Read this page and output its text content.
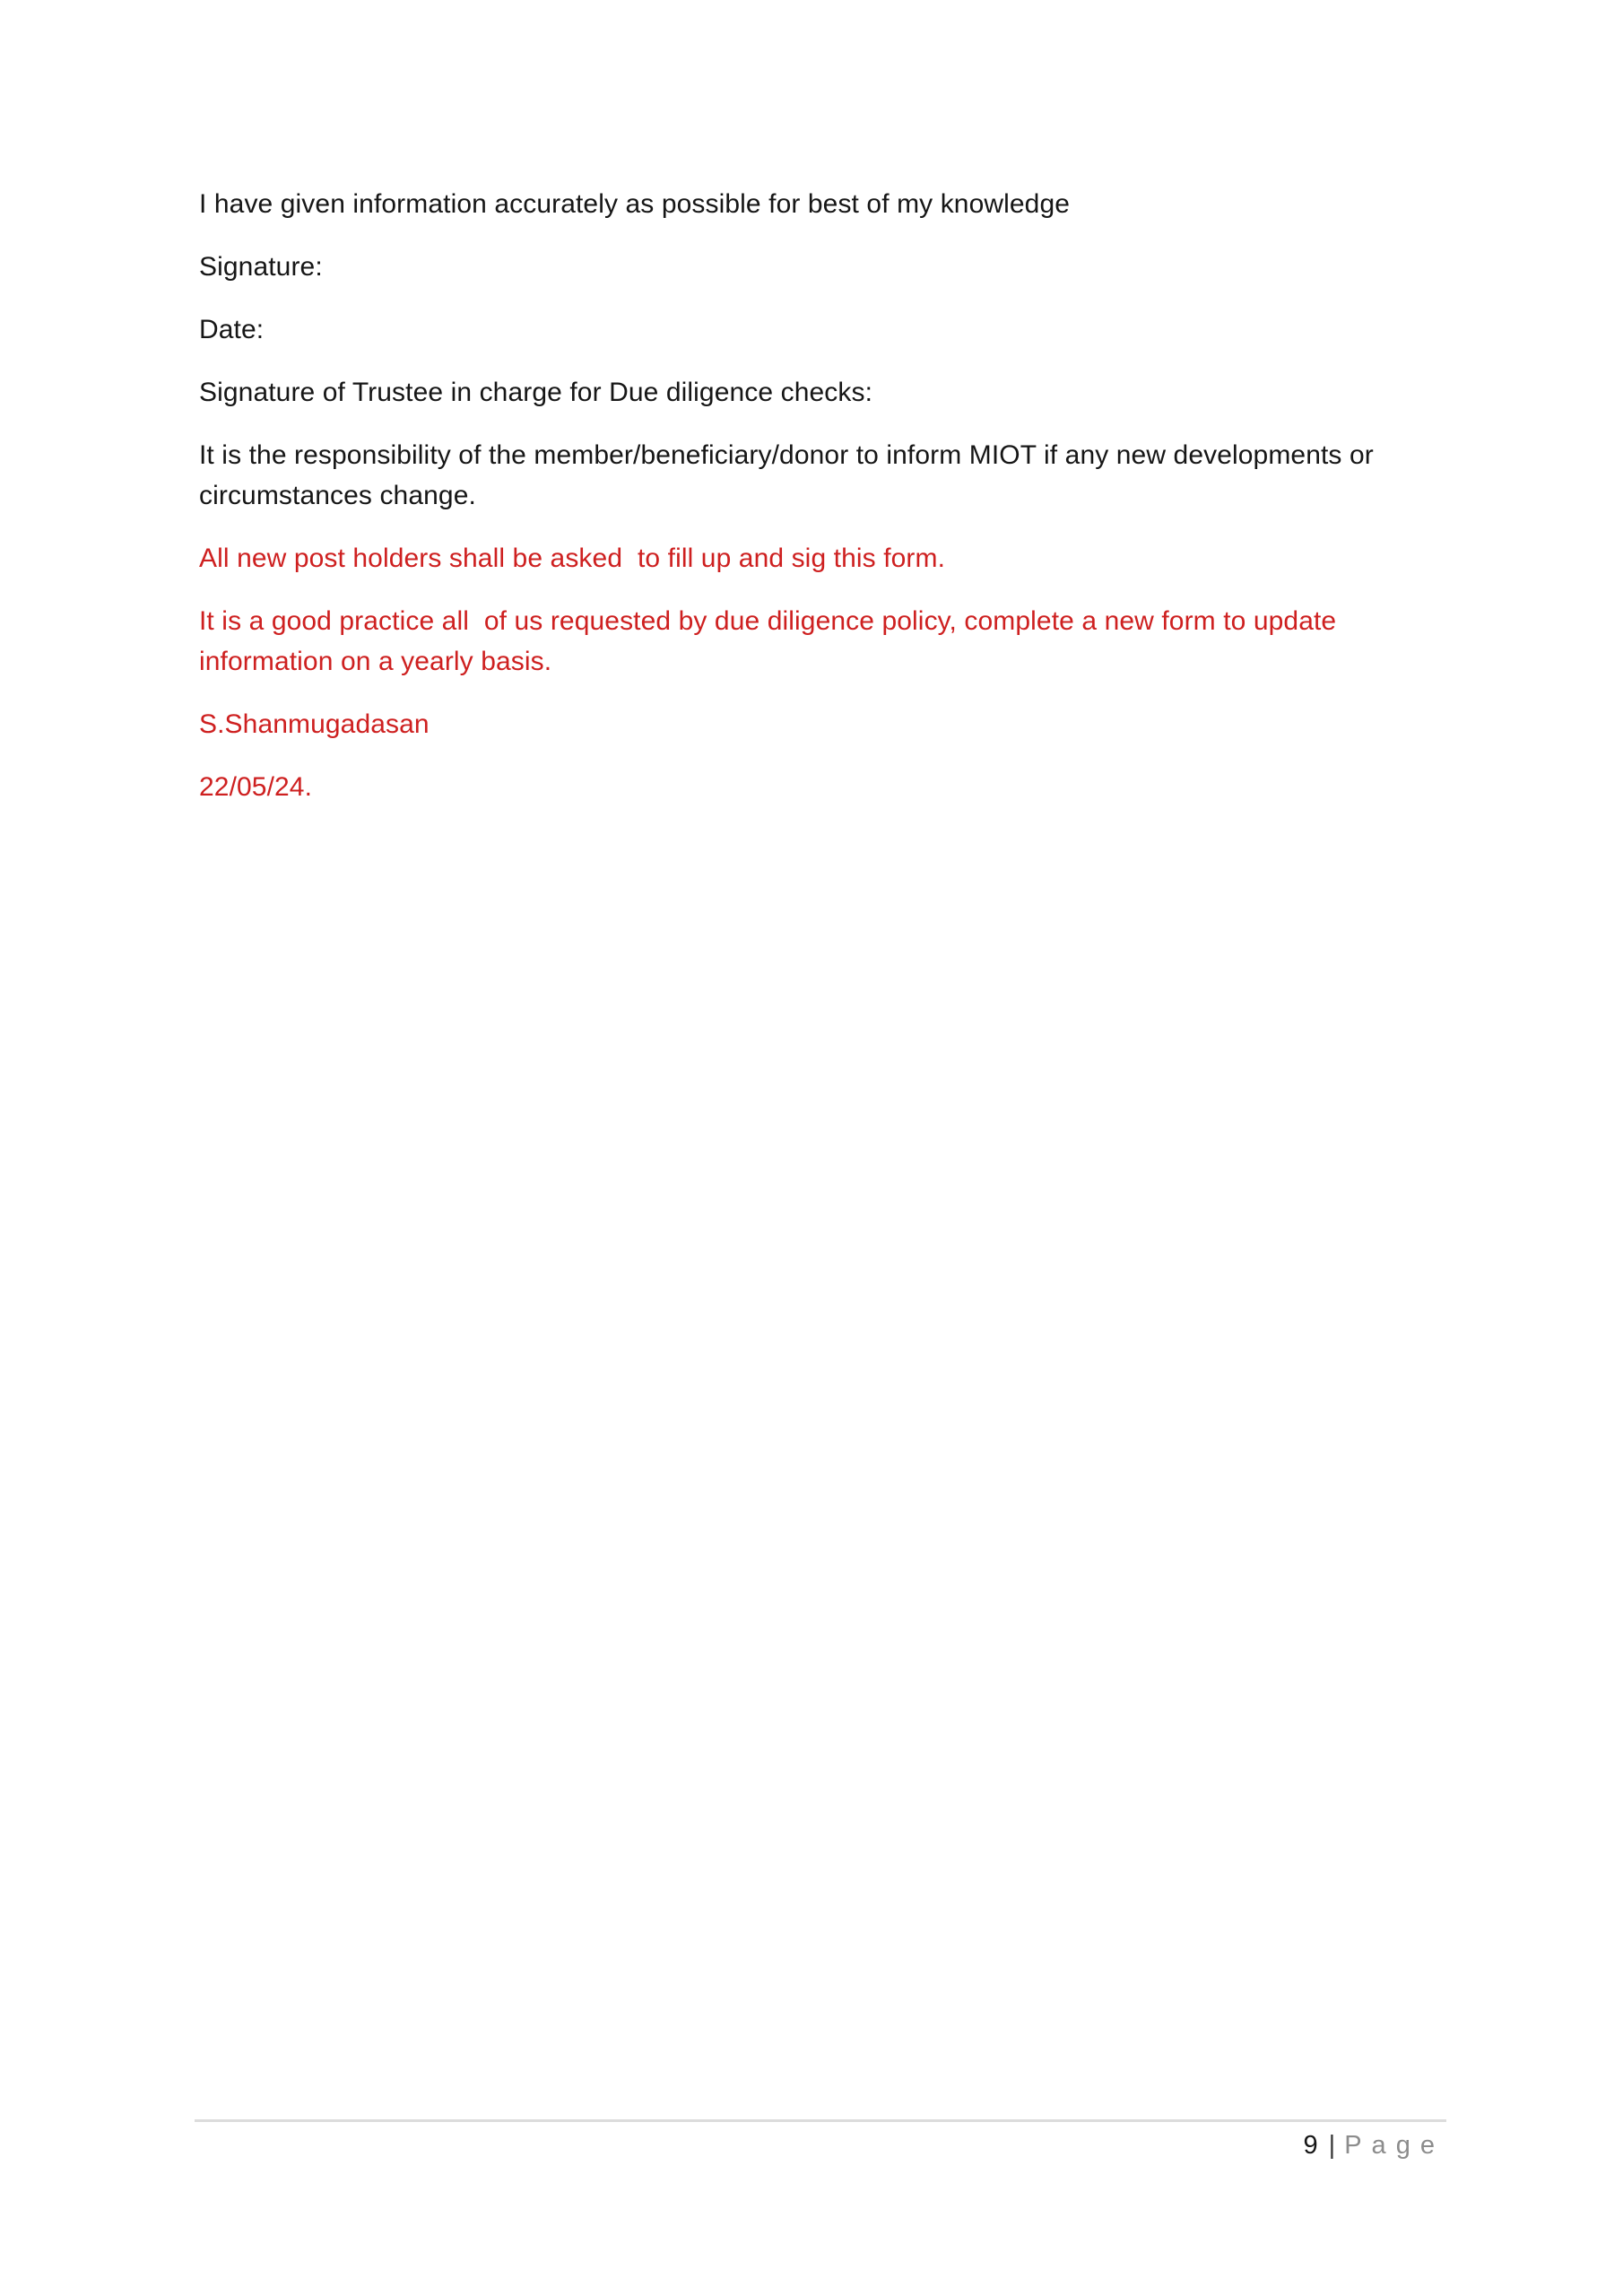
I have given information accurately as possible for best of my knowledge

Signature:

Date:

Signature of Trustee in charge for Due diligence checks:

It is the responsibility of the member/beneficiary/donor to inform MIOT if any new developments or circumstances change.

All new post holders shall be asked  to fill up and sig this form.

It is a good practice all  of us requested by due diligence policy, complete a new form to update information on a yearly basis.

S.Shanmugadasan

22/05/24.

9 | Page
